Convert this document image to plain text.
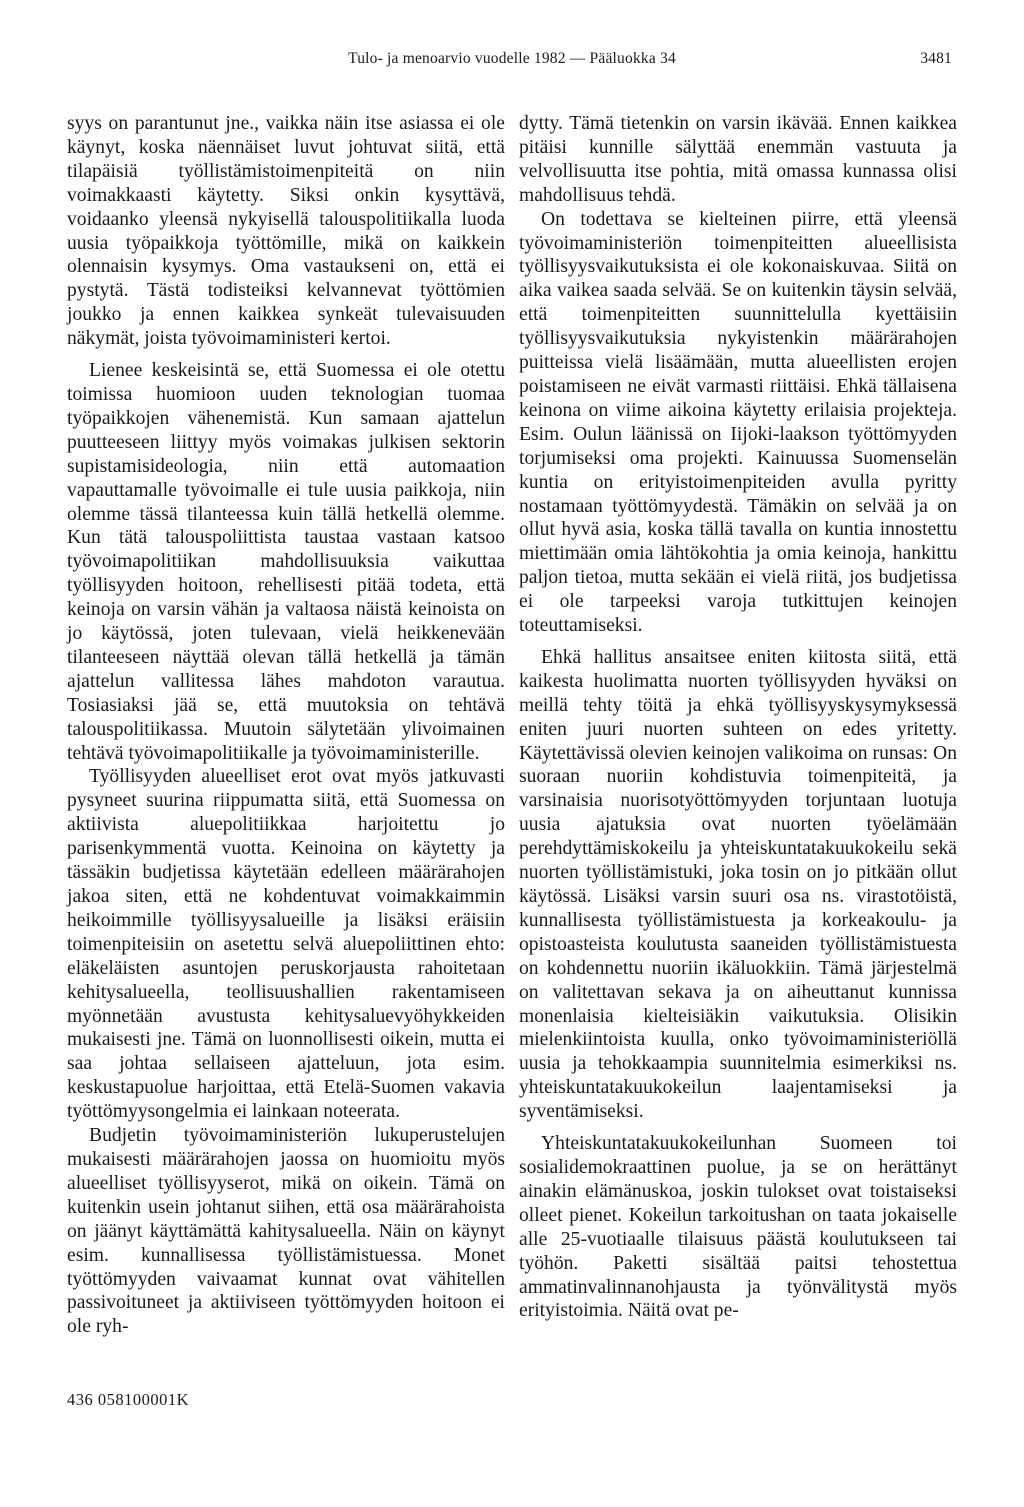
Tulo- ja menoarvio vuodelle 1982 — Pääluokka 34	3481

syys on parantunut jne., vaikka näin itse asiassa ei ole käynyt, koska näennäiset luvut johtuvat siitä, että tilapäisiä työllistämistoimenpiteitä on niin voimakkaasti käytetty. Siksi onkin kysyttävä, voidaanko yleensä nykyisellä talouspolitiikalla luoda uusia työpaikkoja työttömille, mikä on kaikkein olennaisin kysymys. Oma vastaukseni on, että ei pystytä. Tästä todisteiksi kelvannevat työttömien joukko ja ennen kaikkea synkeät tulevaisuuden näkymät, joista työvoimaministeri kertoi.

Lienee keskeisintä se, että Suomessa ei ole otettu toimissa huomioon uuden teknologian tuomaa työpaikkojen vähenemistä. Kun samaan ajattelun puutteeseen liittyy myös voimakas julkisen sektorin supistamisideologia, niin että automaation vapauttamalle työvoimalle ei tule uusia paikkoja, niin olemme tässä tilanteessa kuin tällä hetkellä olemme. Kun tätä talouspoliittista taustaa vastaan katsoo työvoimapolitiikan mahdollisuuksia vaikuttaa työllisyyden hoitoon, rehellisesti pitää todeta, että keinoja on varsin vähän ja valtaosa näistä keinoista on jo käytössä, joten tulevaan, vielä heikkenevään tilanteeseen näyttää olevan tällä hetkellä ja tämän ajattelun vallitessa lähes mahdoton varautua. Tosiasiaksi jää se, että muutoksia on tehtävä talouspolitiikassa. Muutoin sälytetään ylivoimainen tehtävä työvoimapolitiikalle ja työvoimaministerille.

Työllisyyden alueelliset erot ovat myös jatkuvasti pysyneet suurina riippumatta siitä, että Suomessa on aktiivista aluepolitiikkaa harjoitettu jo parisenkymmentä vuotta. Keinoina on käytetty ja tässäkin budjetissa käytetään edelleen määrärahojen jakoa siten, että ne kohdentuvat voimakkaimmin heikoimmille työllisyysalueille ja lisäksi eräisiin toimenpiteisiin on asetettu selvä aluepoliittinen ehto: eläkeläisten asuntojen peruskorjausta rahoitetaan kehitysalueella, teollisuushallien rakentamiseen myönnetään avustusta kehitysaluevyöhykkeiden mukaisesti jne. Tämä on luonnollisesti oikein, mutta ei saa johtaa sellaiseen ajatteluun, jota esim. keskustapuolue harjoittaa, että Etelä-Suomen vakavia työttömyysongelmia ei lainkaan noteerata.

Budjetin työvoimaministeriön lukuperustelujen mukaisesti määrärahojen jaossa on huomioitu myös alueelliset työllisyyserot, mikä on oikein. Tämä on kuitenkin usein johtanut siihen, että osa määrärahoista on jäänyt käyttämättä kahitysalueella. Näin on käynyt esim. kunnallisessa työllistämistuessa. Monet työttömyyden vaivaamat kunnat ovat vähitellen passivoituneet ja aktiiviseen työttömyyden hoitoon ei ole ryh-

dytty. Tämä tietenkin on varsin ikävää. Ennen kaikkea pitäisi kunnille sälyttää enemmän vastuuta ja velvollisuutta itse pohtia, mitä omassa kunnassa olisi mahdollisuus tehdä.

On todettava se kielteinen piirre, että yleensä työvoimaministeriön toimenpiteitten alueellisista työllisyysvaikutuksista ei ole kokonaiskuvaa. Siitä on aika vaikea saada selvää. Se on kuitenkin täysin selvää, että toimenpiteitten suunnittelulla kyettäisiin työllisyysvaikutuksia nykyistenkin määrärahojen puitteissa vielä lisäämään, mutta alueellisten erojen poistamiseen ne eivät varmasti riittäisi. Ehkä tällaisena keinona on viime aikoina käytetty erilaisia projekteja. Esim. Oulun läänissä on Iijoki-laakson työttömyyden torjumiseksi oma projekti. Kainuussa Suomenselän kuntia on erityistoimenpiteiden avulla pyritty nostamaan työttömyydestä. Tämäkin on selvää ja on ollut hyvä asia, koska tällä tavalla on kuntia innostettu miettimään omia lähtökohtia ja omia keinoja, hankittu paljon tietoa, mutta sekään ei vielä riitä, jos budjetissa ei ole tarpeeksi varoja tutkittujen keinojen toteuttamiseksi.

Ehkä hallitus ansaitsee eniten kiitosta siitä, että kaikesta huolimatta nuorten työllisyyden hyväksi on meillä tehty töitä ja ehkä työllisyyskysymyksessä eniten juuri nuorten suhteen on edes yritetty. Käytettävissä olevien keinojen valikoima on runsas: On suoraan nuoriin kohdistuvia toimenpiteitä, ja varsinaisia nuorisotyöttömyyden torjuntaan luotuja uusia ajatuksia ovat nuorten työelämään perehdyttämiskokeilu ja yhteiskuntatakuukokeilu sekä nuorten työllistämistuki, joka tosin on jo pitkään ollut käytössä. Lisäksi varsin suuri osa ns. virastotöistä, kunnallisesta työllistämistuesta ja korkeakoulu- ja opistoasteista koulutusta saaneiden työllistämistuesta on kohdennettu nuoriin ikäluokkiin. Tämä järjestelmä on valitettavan sekava ja on aiheuttanut kunnissa monenlaisia kielteisiäkin vaikutuksia. Olisikin mielenkiintoista kuulla, onko työvoimaministeriöllä uusia ja tehokkaampia suunnitelmia esimerkiksi ns. yhteiskuntatakuukokeilun laajentamiseksi ja syventämiseksi.

Yhteiskuntatakuukokeilunhan Suomeen toi sosialidemokraattinen puolue, ja se on herättänyt ainakin elämänuskoa, joskin tulokset ovat toistaiseksi olleet pienet. Kokeilun tarkoitushan on taata jokaiselle alle 25-vuotiaalle tilaisuus päästä koulutukseen tai työhön. Paketti sisältää paitsi tehostettua ammatinvalinnanohjausta ja työnvälitystä myös erityistoimia. Näitä ovat pe-

436 058100001K
